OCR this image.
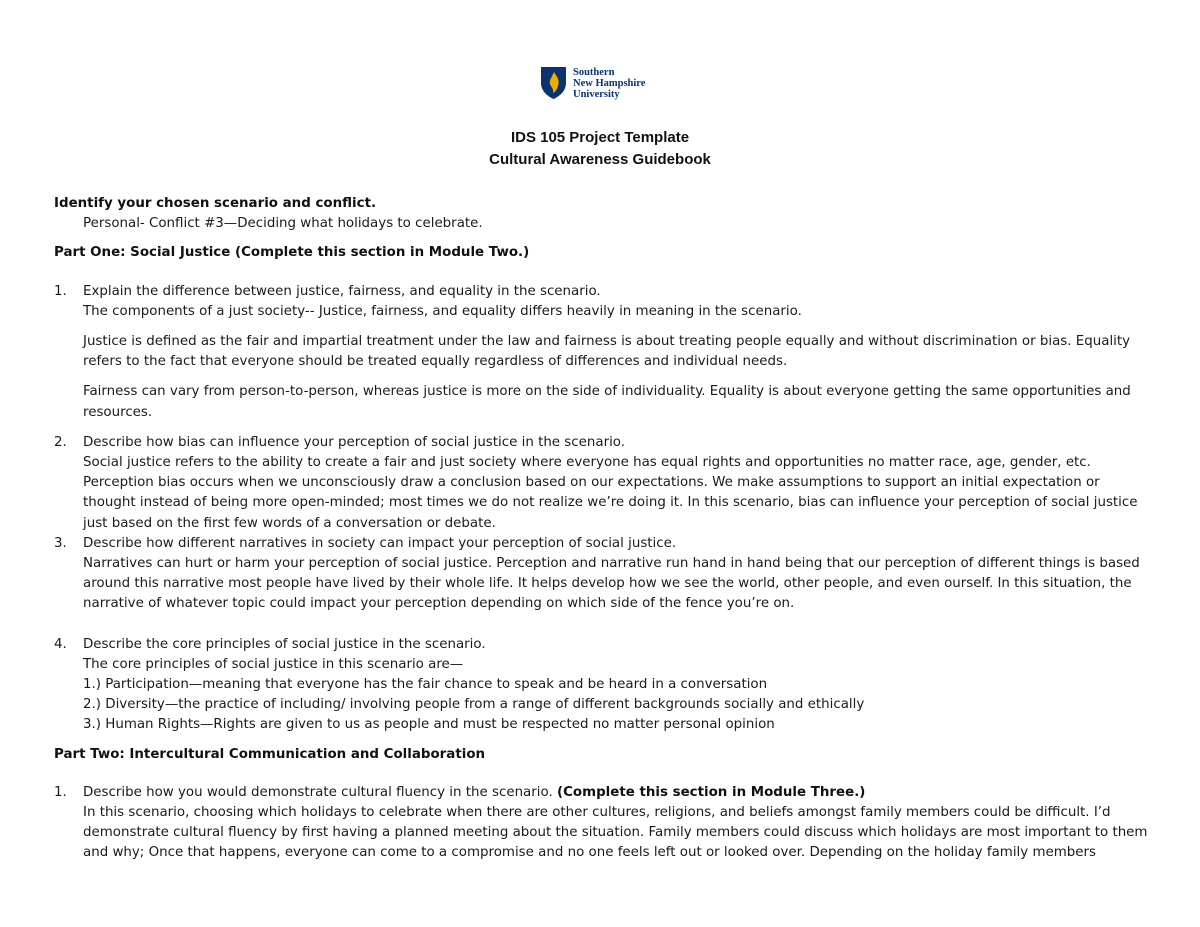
Southern
New Hampshire
University
IDS 105 Project Template
Cultural Awareness Guidebook
Identify your chosen scenario and conflict.
Personal- Conflict #3—Deciding what holidays to celebrate.
Part One: Social Justice (Complete this section in Module Two.)
1. Explain the difference between justice, fairness, and equality in the scenario.
The components of a just society-- Justice, fairness, and equality differs heavily in meaning in the scenario.
Justice is defined as the fair and impartial treatment under the law and fairness is about treating people equally and without discrimination or bias. Equality refers to the fact that everyone should be treated equally regardless of differences and individual needs.
Fairness can vary from person-to-person, whereas justice is more on the side of individuality. Equality is about everyone getting the same opportunities and resources.
2. Describe how bias can influence your perception of social justice in the scenario.
Social justice refers to the ability to create a fair and just society where everyone has equal rights and opportunities no matter race, age, gender, etc. Perception bias occurs when we unconsciously draw a conclusion based on our expectations. We make assumptions to support an initial expectation or thought instead of being more open-minded; most times we do not realize we’re doing it. In this scenario, bias can influence your perception of social justice just based on the first few words of a conversation or debate.
3. Describe how different narratives in society can impact your perception of social justice.
Narratives can hurt or harm your perception of social justice. Perception and narrative run hand in hand being that our perception of different things is based around this narrative most people have lived by their whole life. It helps develop how we see the world, other people, and even ourself. In this situation, the narrative of whatever topic could impact your perception depending on which side of the fence you’re on.
4. Describe the core principles of social justice in the scenario.
The core principles of social justice in this scenario are—
1.) Participation—meaning that everyone has the fair chance to speak and be heard in a conversation
2.) Diversity—the practice of including/ involving people from a range of different backgrounds socially and ethically
3.) Human Rights—Rights are given to us as people and must be respected no matter personal opinion
Part Two: Intercultural Communication and Collaboration
1. Describe how you would demonstrate cultural fluency in the scenario. (Complete this section in Module Three.)
In this scenario, choosing which holidays to celebrate when there are other cultures, religions, and beliefs amongst family members could be difficult. I’d demonstrate cultural fluency by first having a planned meeting about the situation. Family members could discuss which holidays are most important to them and why; Once that happens, everyone can come to a compromise and no one feels left out or looked over. Depending on the holiday family members
